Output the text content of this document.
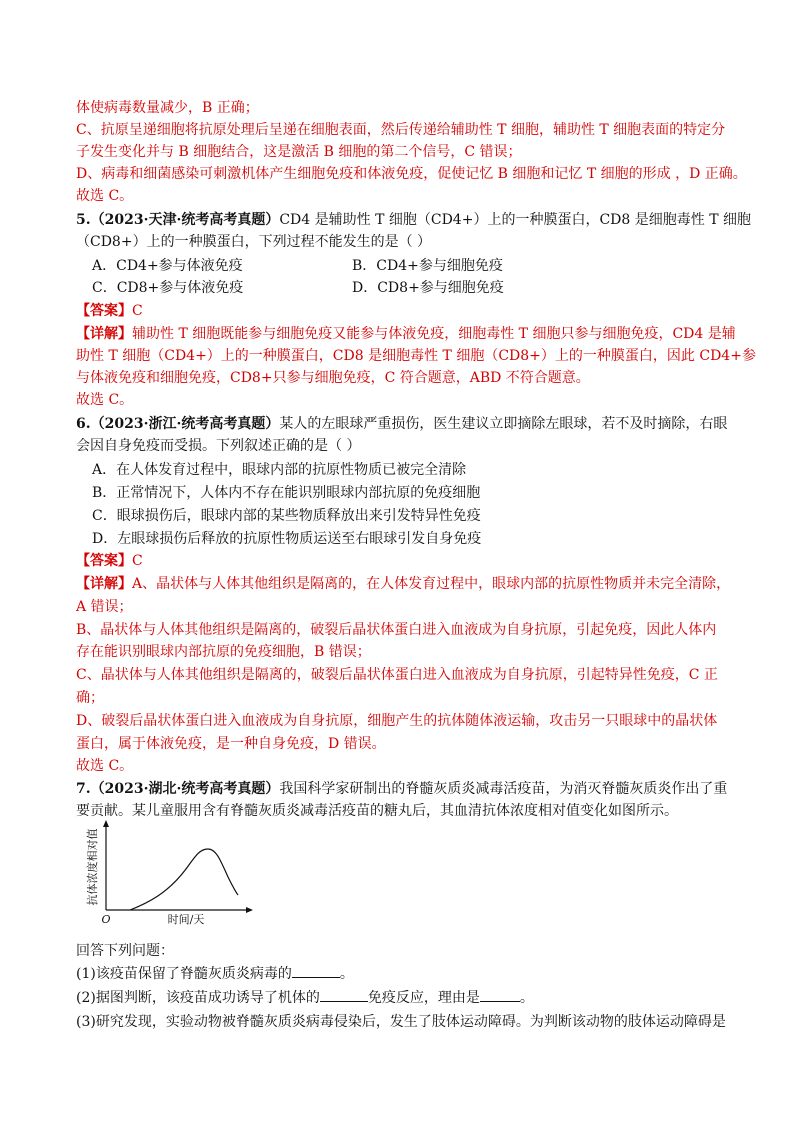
体使病毒数量减少，B 正确；
C、抗原呈递细胞将抗原处理后呈递在细胞表面，然后传递给辅助性 T 细胞，辅助性 T 细胞表面的特定分
子发生变化并与 B 细胞结合，这是激活 B 细胞的第二个信号，C 错误；
D、病毒和细菌感染可刺激机体产生细胞免疫和体液免疫，促使记忆 B 细胞和记忆 T 细胞的形成 ，D 正确。
故选 C。
5.（2023·天津·统考高考真题）CD4 是辅助性 T 细胞（CD4+）上的一种膜蛋白，CD8 是细胞毒性 T 细胞
（CD8+）上的一种膜蛋白，下列过程不能发生的是（ ）
A．CD4+参与体液免疫	B．CD4+参与细胞免疫
C．CD8+参与体液免疫	D．CD8+参与细胞免疫
【答案】C
【详解】辅助性 T 细胞既能参与细胞免疫又能参与体液免疫，细胞毒性 T 细胞只参与细胞免疫，CD4 是辅
助性 T 细胞（CD4+）上的一种膜蛋白，CD8 是细胞毒性 T 细胞（CD8+）上的一种膜蛋白，因此 CD4+参
与体液免疫和细胞免疫，CD8+只参与细胞免疫，C 符合题意，ABD 不符合题意。
故选 C。
6.（2023·浙江·统考高考真题）某人的左眼球严重损伤，医生建议立即摘除左眼球，若不及时摘除，右眼
会因自身免疫而受损。下列叙述正确的是（ ）
A．在人体发育过程中，眼球内部的抗原性物质已被完全清除
B．正常情况下，人体内不存在能识别眼球内部抗原的免疫细胞
C．眼球损伤后，眼球内部的某些物质释放出来引发特异性免疫
D．左眼球损伤后释放的抗原性物质运送至右眼球引发自身免疫
【答案】C
【详解】A、晶状体与人体其他组织是隔离的，在人体发育过程中，眼球内部的抗原性物质并未完全清除，
A 错误；
B、晶状体与人体其他组织是隔离的，破裂后晶状体蛋白进入血液成为自身抗原，引起免疫，因此人体内
存在能识别眼球内部抗原的免疫细胞，B 错误；
C、晶状体与人体其他组织是隔离的，破裂后晶状体蛋白进入血液成为自身抗原，引起特异性免疫，C 正
确；
D、破裂后晶状体蛋白进入血液成为自身抗原，细胞产生的抗体随体液运输，攻击另一只眼球中的晶状体
蛋白，属于体液免疫，是一种自身免疫，D 错误。
故选 C。
7.（2023·湖北·统考高考真题）我国科学家研制出的脊髓灰质炎减毒活疫苗，为消灭脊髓灰质炎作出了重
要贡献。某儿童服用含有脊髓灰质炎减毒活疫苗的糖丸后，其血清抗体浓度相对值变化如图所示。
抗体浓度相对值
O	时间/天
回答下列问题：
(1)该疫苗保留了脊髓灰质炎病毒的	。
(2)据图判断，该疫苗成功诱导了机体的	免疫反应，理由是	。
(3)研究发现，实验动物被脊髓灰质炎病毒侵染后，发生了肢体运动障碍。为判断该动物的肢体运动障碍是
